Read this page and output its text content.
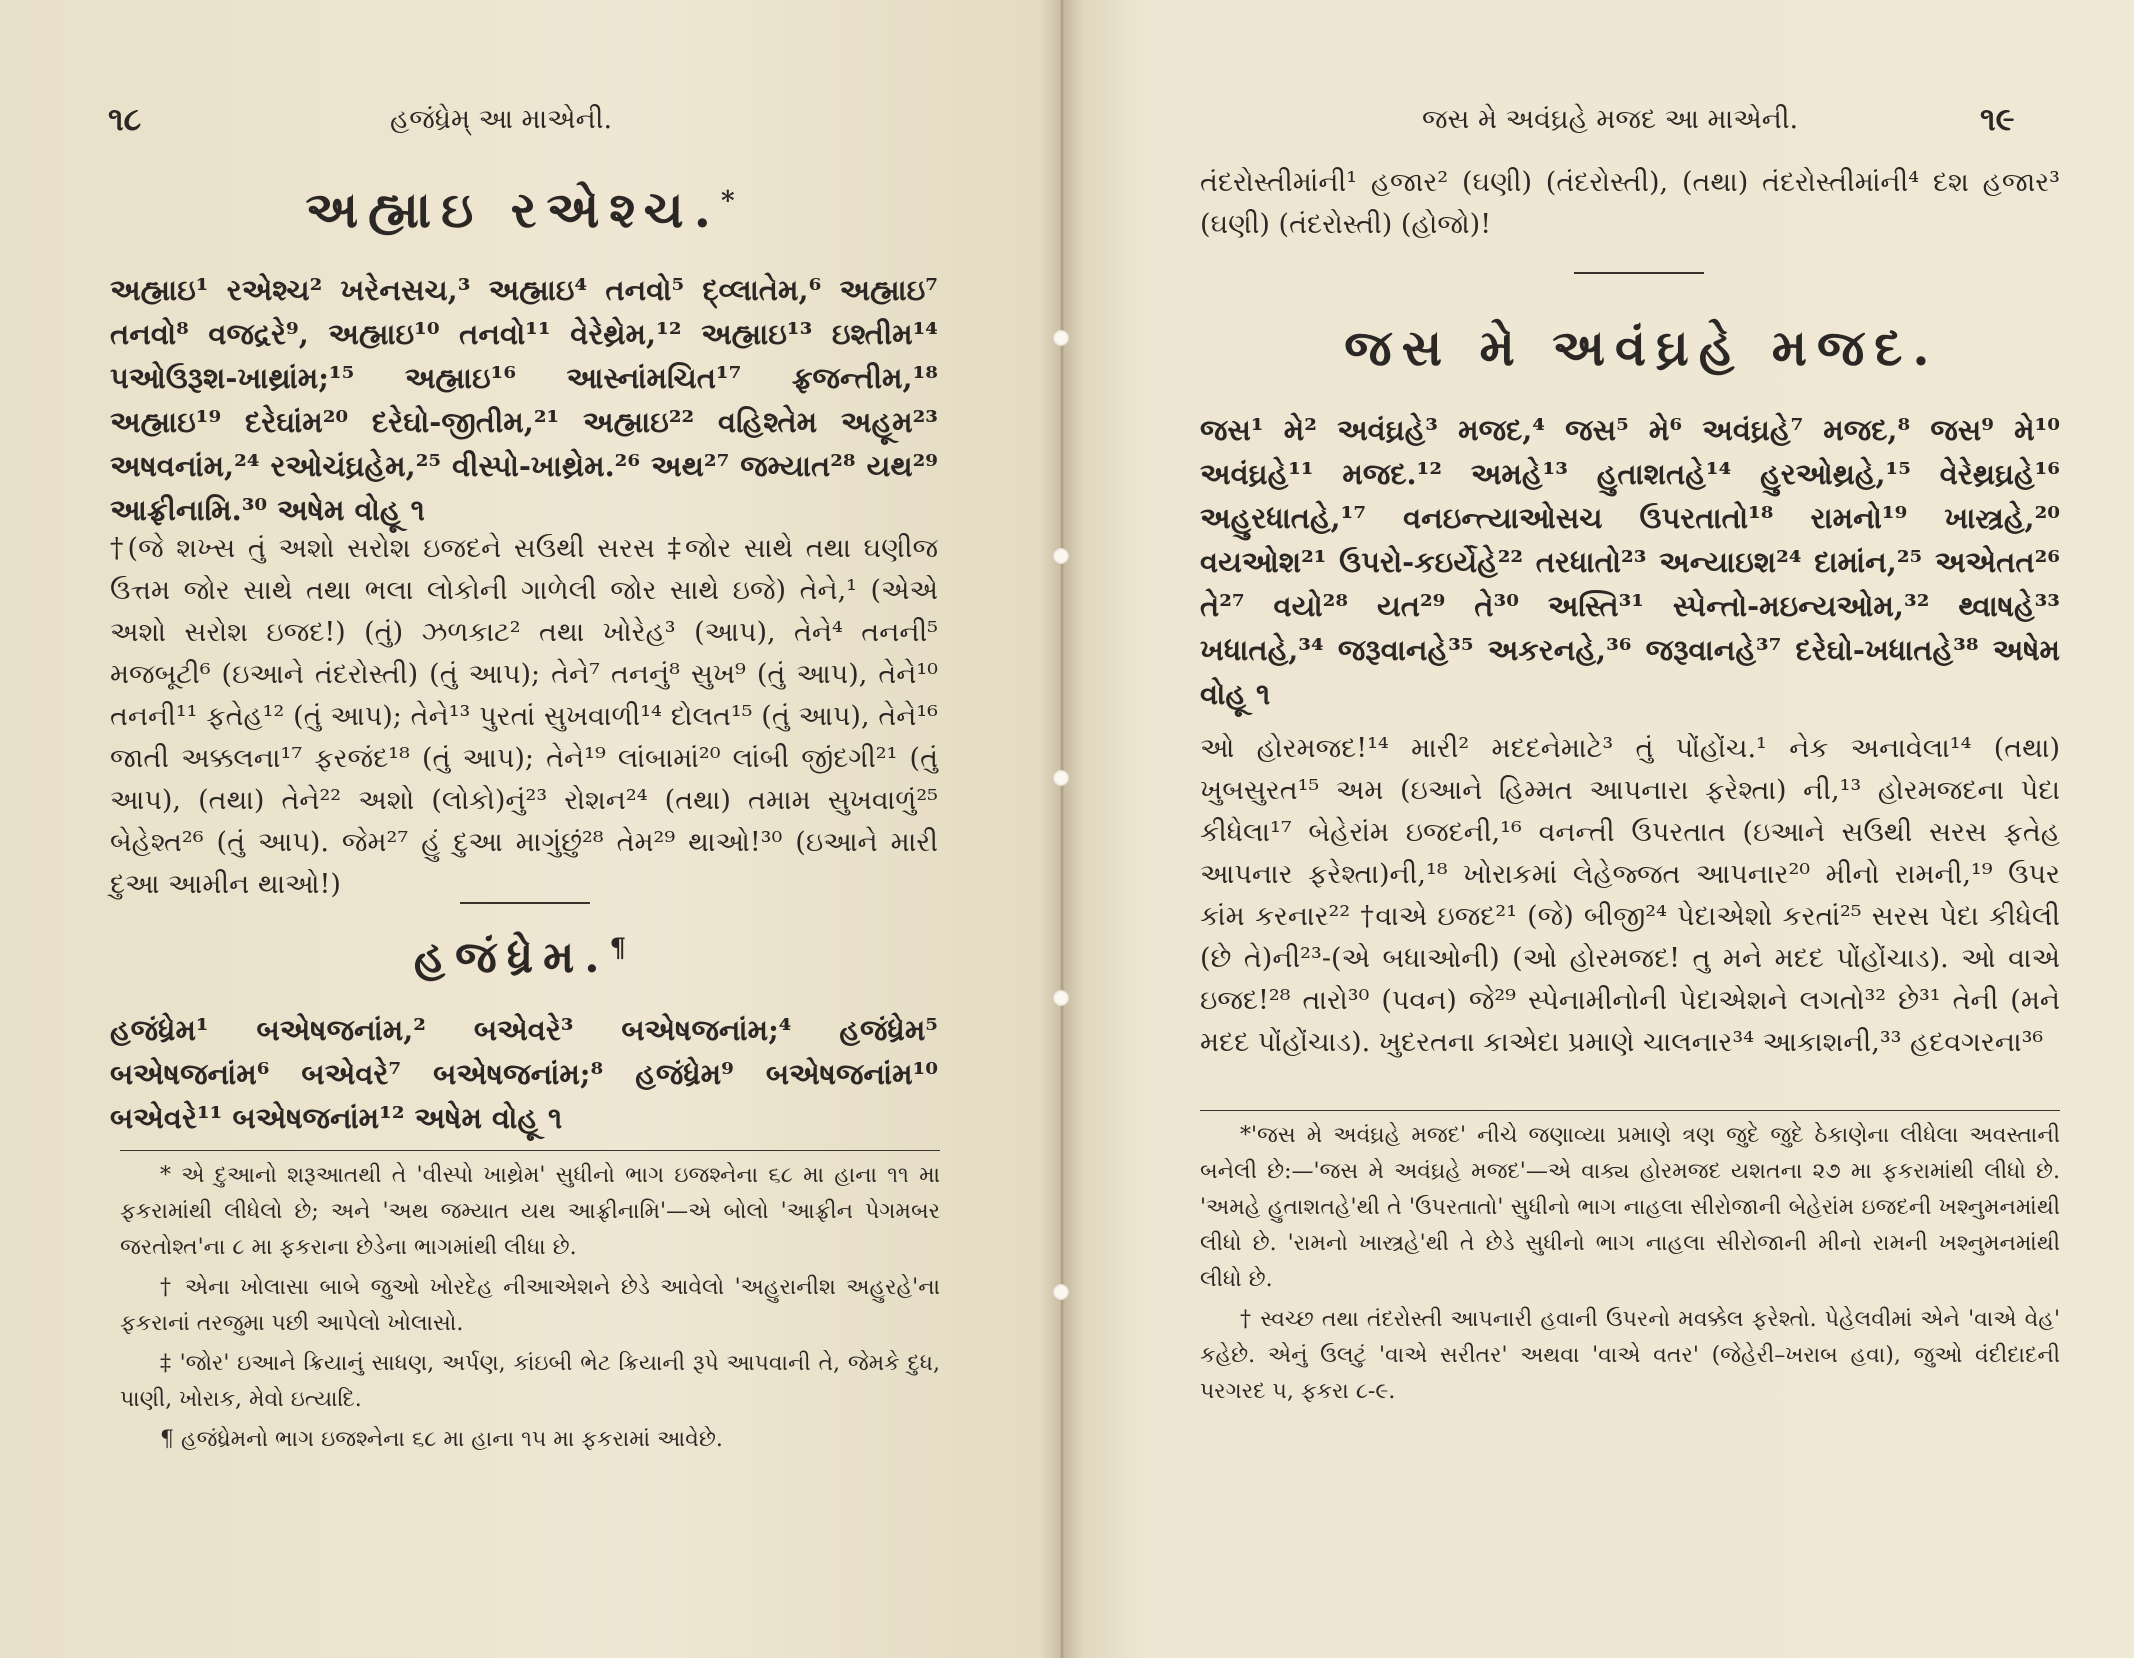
૧૮	હજંધ્રેમ્ આ માએની.
અહ્માઇ રએશ્ચ.*
અહ્માઇ¹ રએશ્ચ² ખરેનસચ,³ અહ્માઇ⁴ તનવો⁵ દ્વ્લાતેમ,⁶ અહ્માઇ⁷ તનવો⁸ વજદ્રરે⁹, અહ્માઇ¹⁰ તનવો¹¹ વેરેથ્રેમ,¹² અહ્માઇ¹³ ઇશ્તીમ¹⁴ પઓઉરૂશ-ખાથ્રાંમ;¹⁵ અહ્માઇ¹⁶ આસ્નાંમચિત¹⁷ ફ્રજન્તીમ,¹⁸ અહ્માઇ¹⁹ દરેઘાંમ²⁰ દરેઘો-જીતીમ,²¹ અહ્માઇ²² વહિશ્તેમ અહૂમ²³ અષવનાંમ,²⁴ રઓચંઘ્રહેમ,²⁵ વીસ્પો-ખાથ્રેમ.²⁶ અથ²⁷ જમ્યાત²⁸ યથ²⁹ આફ્રીનામિ.³⁰ અષેમ વોહૂ ૧
†(જે શખ્સ તું અશો સરોશ ઇજદને સઉથી સરસ ‡જોર સાથે તથા ઘણીજ ઉત્તમ જોર સાથે તથા ભલા લોકોની ગાળેલી જોર સાથે ઇજે) તેને,¹ (એએ અશો સરોશ ઇજદ!) (તું) ઝળકાટ² તથા ખોરેહ³ (આપ), તેને⁴ તનની⁵ મજબૂટી⁶ (ઇઆને તંદરોસ્તી) (તું આપ); તેને⁷ તનનું⁸ સુખ⁹ (તું આપ), તેને¹⁰ તનની¹¹ ફતેહ¹² (તું આપ); તેને¹³ પુરતાં સુખવાળી¹⁴ દોલત¹⁵ (તું આપ), તેને¹⁶ જાતી અક્કલના¹⁷ ફરજંદ¹⁸ (તું આપ); તેને¹⁹ લાંબામાં²⁰ લાંબી જીંદગી²¹ (તું આપ), (તથા) તેને²² અશો (લોકો)નું²³ રોશન²⁴ (તથા) તમામ સુખવાળું²⁵ બેહેશ્ત²⁶ (તું આપ). જેમ²⁷ હું દુઆ માગુંછું²⁸ તેમ²⁹ થાઓ!³⁰ (ઇઆને મારી દુઆ આમીન થાઓ!)
હજંધ્રેમ.¶
હજંધ્રેમ¹ બએષજનાંમ,² બએવરે³ બએષજનાંમ;⁴ હજંધ્રેમ⁵ બએષજનાંમ⁶ બએવરે⁷ બએષજનાંમ;⁸ હજંધ્રેમ⁹ બએષજનાંમ¹⁰ બએવરે¹¹ બએષજનાંમ¹² અષેમ વોહૂ ૧

* એ દુઆનો શરૂઆતથી તે 'વીસ્પો ખાથ્રેમ' સુધીનો ભાગ ઇજશ્નેના ૬૮ મા હાના ૧૧ મા ફકરામાંથી લીધેલો છે; અને 'અથ જમ્યાત યથ આફ્રીનામિ'—એ બોલો 'આફ્રીન પેગમબર જરતોશ્ત'ના ૮ મા ફકરાના છેડેના ભાગમાંથી લીધા છે.

† એના ખોલાસા બાબે જુઓ ખોરદેહ નીઆએશને છેડે આવેલો 'અહુરાનીશ અહુરહે'ના ફકરાનાં તરજુમા પછી આપેલો ખોલાસો.

‡ 'જોર' ઇઆને ક્રિયાનું સાધણ, અર્પણ, કાંઇબી ભેટ ક્રિયાની રૂપે આપવાની તે, જેમકે દુધ, પાણી, ખોરાક, મેવો ઇત્યાદિ.

¶ હજંધ્રેમનો ભાગ ઇજશ્નેના ૬૮ મા હાના ૧૫ મા ફકરામાં આવેછે.

જસ મે અવંઘ્રહે મજદ આ માએની.	૧૯
તંદરોસ્તીમાંની¹ હજાર² (ઘણી) (તંદરોસ્તી), (તથા) તંદરોસ્તીમાંની⁴ દશ હજાર³ (ઘણી) (તંદરોસ્તી) (હોજો)!
જસ મે અવંઘ્રહે મજદ.
જસ¹ મે² અવંઘ્રહે³ મજદ,⁴ જસ⁵ મે⁶ અવંઘ્રહે⁷ મજદ,⁸ જસ⁹ મે¹⁰ અવંઘ્રહે¹¹ મજદ.¹² અમહે¹³ હુતાશતહે¹⁴ હુરઓથ્રહે,¹⁵ વેરેથ્રઘ્રહે¹⁶ અહુરધાતહે,¹⁷ વનઇન્ત્યાઓસચ ઉપરતાતો¹⁸ રામનો¹⁹ ખાસ્ત્રહે,²⁰ વયઓશ²¹ ઉપરો-કઇર્યેહે²² તરધાતો²³ અન્યાઇશ²⁴ દામાંન,²⁵ અએતત²⁶ તે²⁷ વયો²⁸ યત²⁹ તે³⁰ અસ્તિ³¹ સ્પેન્તો-મઇન્યઓમ,³² થ્વાષહે³³ ખધાતહે,³⁴ જરૂવાનહે³⁵ અકરનહે,³⁶ જરૂવાનહે³⁷ દરેઘો-ખધાતહે³⁸ અષેમ વોહૂ ૧
ઓ હોરમજદ!¹⁴ મારી² મદદનેમાટે³ તું પોંહોંચ.¹ નેક અનાવેલા¹⁴ (તથા) ખુબસુરત¹⁵ અમ (ઇઆને હિમ્મત આપનારા ફરેશ્તા) ની,¹³ હોરમજદના પેદા કીધેલા¹⁷ બેહેરાંમ ઇજદની,¹⁶ વનન્તી ઉપરતાત (ઇઆને સઉથી સરસ ફતેહ આપનાર ફરેશ્તા)ની,¹⁸ ખોરાકમાં લેહેજ્જત આપનાર²⁰ મીનો રામની,¹⁹ ઉપર કાંમ કરનાર²² †વાએ ઇજદ²¹ (જે) બીજી²⁴ પેદાએશો કરતાં²⁵ સરસ પેદા કીધેલી (છે તે)ની²³-(એ બધાઓની) (ઓ હોરમજદ! તુ મને મદદ પોંહોંચાડ). ઓ વાએ ઇજદ!²⁸ તારો³⁰ (પવન) જે²⁹ સ્પેનામીનોની પેદાએશને લગતો³² છે³¹ તેની (મને મદદ પોંહોંચાડ). ખુદરતના કાએદા પ્રમાણે ચાલનાર³⁴ આકાશની,³³ હદવગરના³⁶

*'જસ મે અવંઘ્રહે મજદ' નીચે જણાવ્યા પ્રમાણે ત્રણ જુદે જુદે ઠેકાણેના લીધેલા અવસ્તાની બનેલી છે:—'જસ મે અવંઘ્રહે મજદ'—એ વાક્ય હોરમજદ યશતના ૨૭ મા ફકરામાંથી લીધો છે. 'અમહે હુતાશતહે'થી તે 'ઉપરતાતો' સુધીનો ભાગ નાહલા સીરોજાની બેહેરાંમ ઇજદની ખશ્નુમનમાંથી લીધો છે. 'રામનો ખાસ્ત્રહે'થી તે છેડે સુધીનો ભાગ નાહલા સીરોજાની મીનો રામની ખશ્નુમનમાંથી લીધો છે.

† સ્વચ્છ તથા તંદરોસ્તી આપનારી હવાની ઉપરનો મવક્કેલ ફરેશ્તો. પેહેલવીમાં એને 'વાએ વેહ' કહેછે. એનું ઉલટું 'વાએ સરીતર' અથવા 'વાએ વતર' (જેહેરી–ખરાબ હવા), જુઓ વંદીદાદની પરગરદ ૫, ફકરા ૮-૯.
